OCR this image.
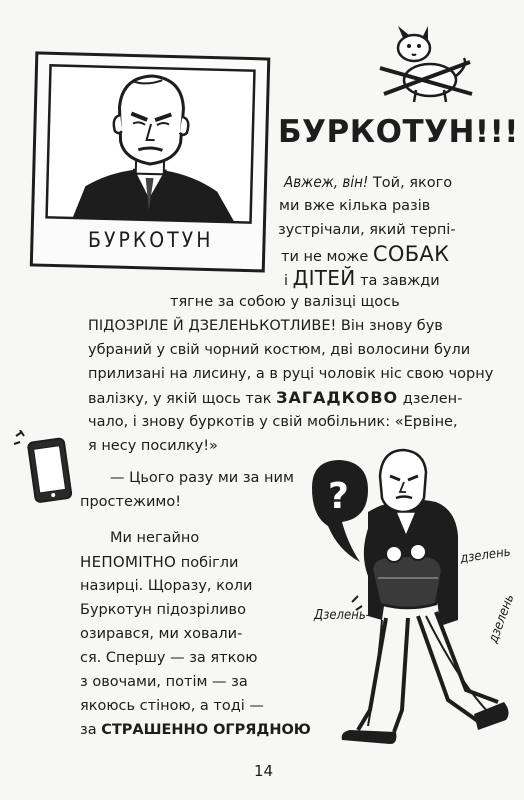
БУРКОТУН
БУРКОТУН!!!
Авжеж, він! Той, якого
ми вже кілька разів
зустрічали, який терпі-
ти не може СОБАК
і ДІТЕЙ та завжди
тягне за собою у валізці щось
ПІДОЗРІЛЕ Й ДЗЕЛЕНЬКОТЛИВЕ! Він знову був
убраний у свій чорний костюм, дві волосини були
прилизані на лисину, а в руці чоловік ніс свою чорну
валізку, у якій щось так ЗАГАДКОВО дзелен-
чало, і знову буркотів у свій мобільник: «Ервіне,
я несу посилку!»
— Цього разу ми за ним
простежимо!
Ми негайно
НЕПОМІТНО побігли
назирці. Щоразу, коли
Буркотун підозріливо
озирався, ми ховали-
ся. Спершу — за яткою
з овочами, потім — за
якоюсь стіною, а тоді —
за СТРАШЕННО ОГРЯДНОЮ
?
дзелень
Дзелень-	дзелень
14
